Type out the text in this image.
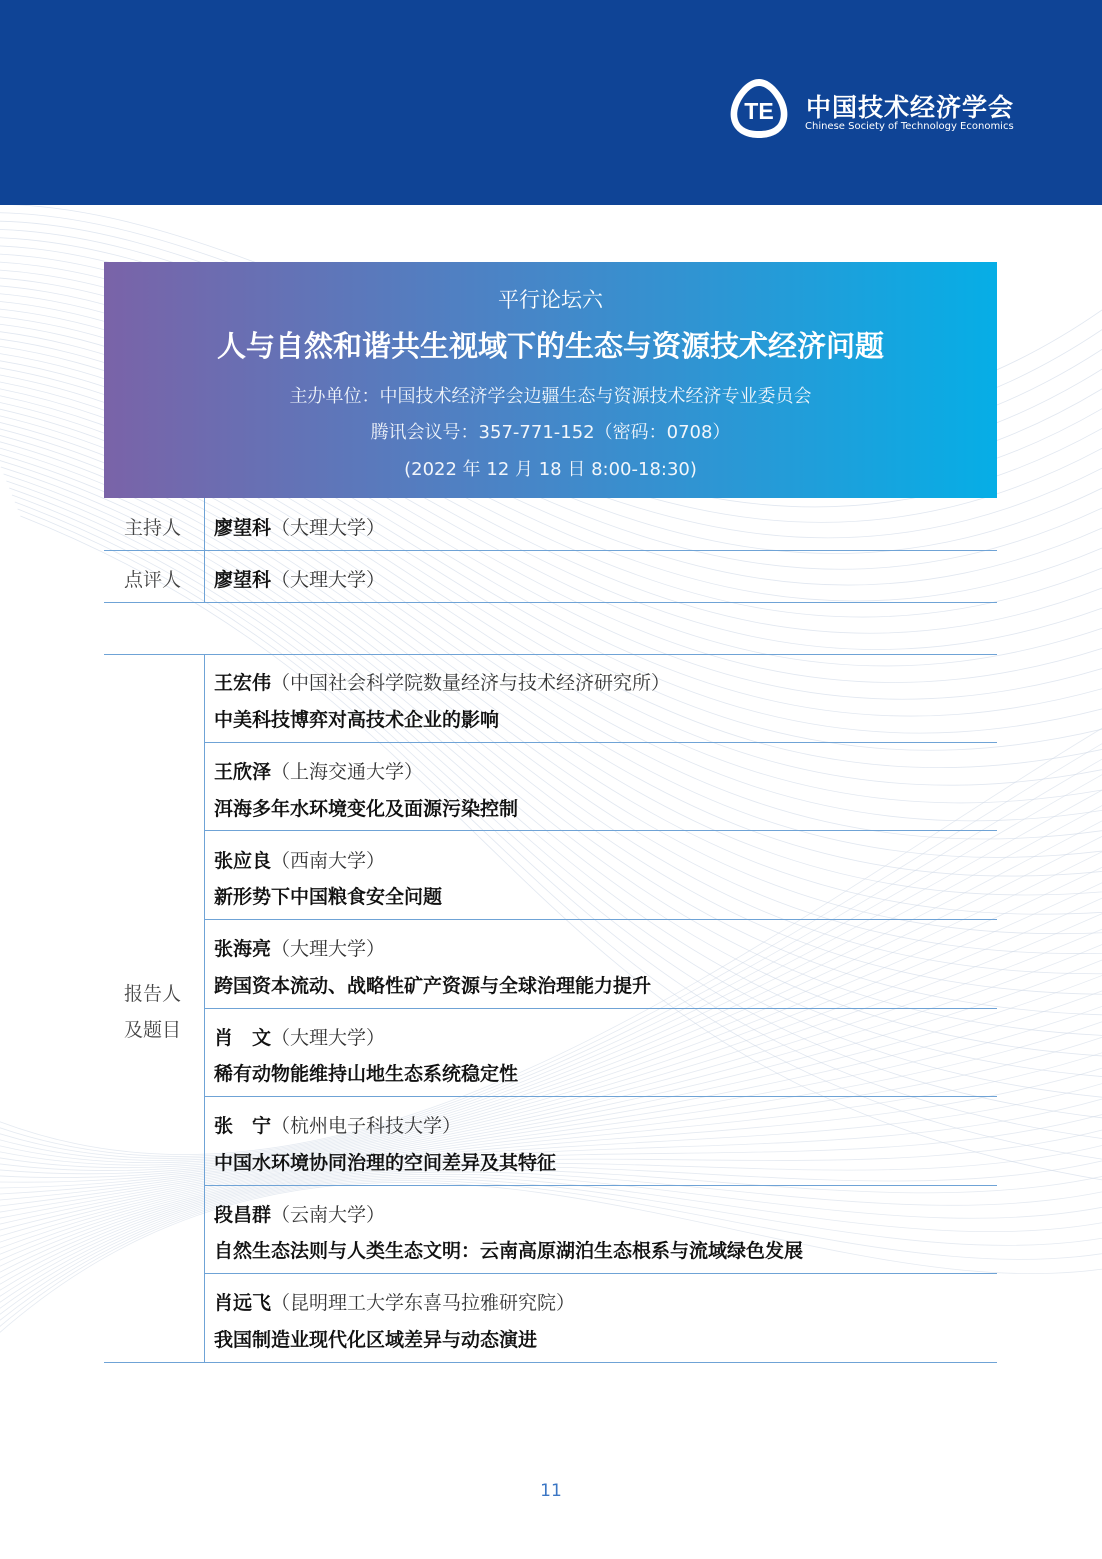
TE 中国技术经济学会
Chinese Society of Technology Economics
平行论坛六
人与自然和谐共生视域下的生态与资源技术经济问题
主办单位：中国技术经济学会边疆生态与资源技术经济专业委员会
腾讯会议号：357-771-152（密码：0708）
(2022 年 12 月 18 日 8:00-18:30)
主持人 廖望科（大理大学）
点评人 廖望科（大理大学）
报告人
及题目
王宏伟（中国社会科学院数量经济与技术经济研究所）
中美科技博弈对高技术企业的影响
王欣泽（上海交通大学）
洱海多年水环境变化及面源污染控制
张应良（西南大学）
新形势下中国粮食安全问题
张海亮（大理大学）
跨国资本流动、战略性矿产资源与全球治理能力提升
肖　文（大理大学）
稀有动物能维持山地生态系统稳定性
张　宁（杭州电子科技大学）
中国水环境协同治理的空间差异及其特征
段昌群（云南大学）
自然生态法则与人类生态文明：云南高原湖泊生态根系与流域绿色发展
肖远飞（昆明理工大学东喜马拉雅研究院）
我国制造业现代化区域差异与动态演进
11
